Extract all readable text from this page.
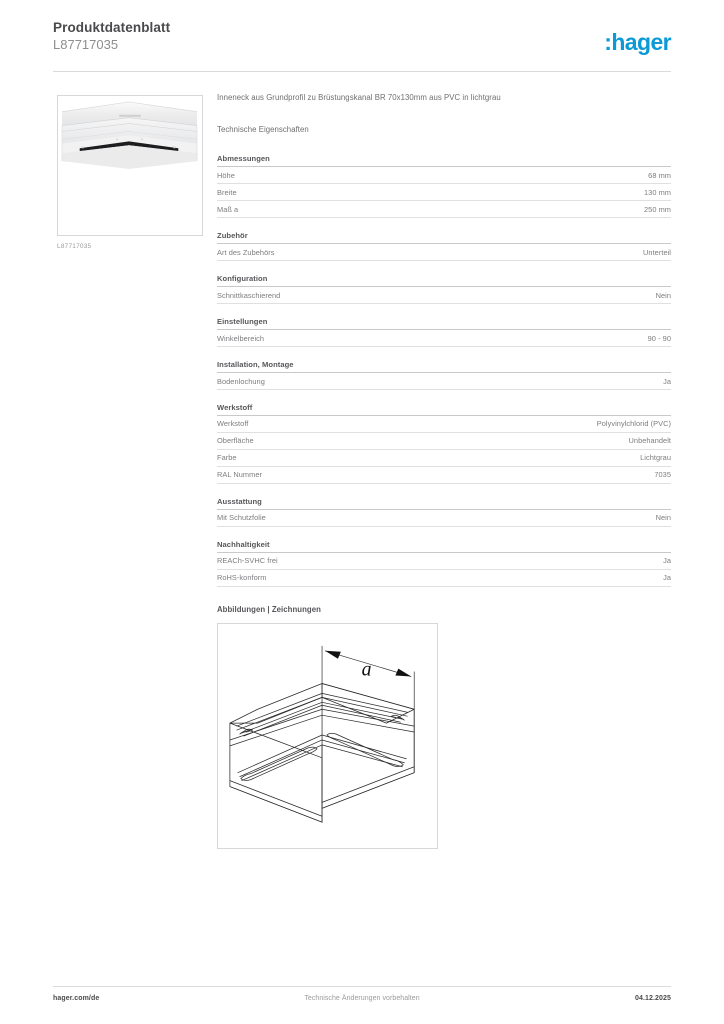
Produktdatenblatt
L87717035	:hager
L87717035
Inneneck aus Grundprofil zu Brüstungskanal BR 70x130mm aus PVC in lichtgrau
Technische Eigenschaften
Abmessungen
Höhe	68 mm
Breite	130 mm
Maß a	250 mm
Zubehör
Art des Zubehörs	Unterteil
Konfiguration
Schnittkaschierend	Nein
Einstellungen
Winkelbereich	90 - 90
Installation, Montage
Bodenlochung	Ja
Werkstoff
Werkstoff	Polyvinylchlorid (PVC)
Oberfläche	Unbehandelt
Farbe	Lichtgrau
RAL Nummer	7035
Ausstattung
Mit Schutzfolie	Nein
Nachhaltigkeit
REACh-SVHC frei	Ja
RoHS-konform	Ja
Abbildungen | Zeichnungen
a
hager.com/de	Technische Änderungen vorbehalten	04.12.2025
